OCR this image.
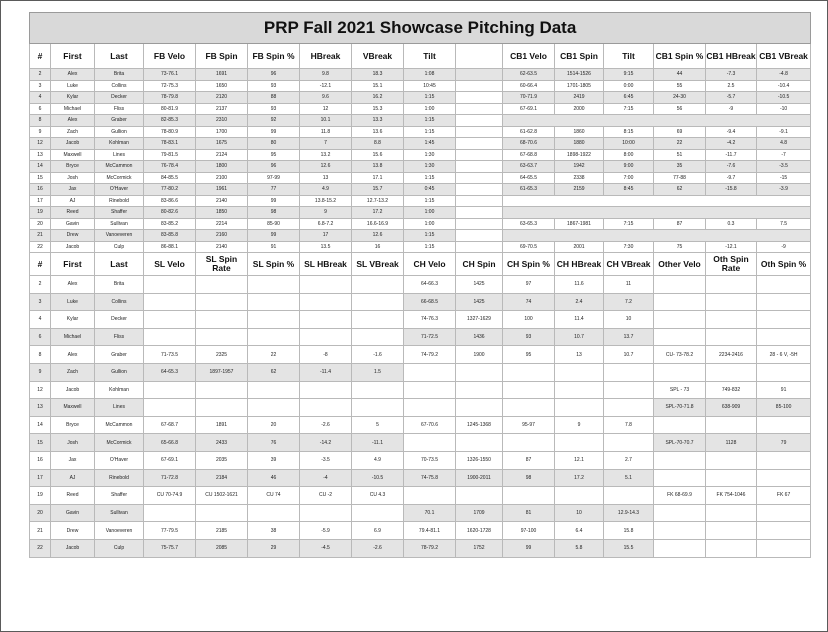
PRP Fall 2021 Showcase Pitching Data															
#	First	Last	FB Velo	FB Spin	FB Spin %	HBreak	VBreak	Tilt		CB1 Velo	CB1 Spin	Tilt	CB1 Spin %	CB1 HBreak	CB1 VBreak
2	Alex	Brita	73-76.1	1691	96	9.8	18.3	1:08		62-63.5	1514-1526	9:15	44	-7.3	-4.8
3	Luke	Collins	72-75.3	1650	93	-12.1	15.1	10:45		60-66.4	1701-1805	0:00	55	2.5	-10.4
4	Kylar	Decker	78-79.8	2120	88	9.6	16.2	1:15		70-71.9	2419	6:45	24-30	-5.7	-10.5
6	Michael	Fliss	80-81.9	2137	93	12	15.3	1:00		67-69.1	2000	7:15	56	-9	-10
8	Alex	Graber	82-85.3	2310	92	10.1	13.3	1:15							
9	Zach	Gullion	78-80.9	1700	99	11.8	13.6	1:15		61-62.8	1860	8:15	69	-9.4	-9.1
12	Jacob	Kohlman	78-83.1	1675	80	7	8.8	1:45		68-70.6	1880	10:00	22	-4.2	4.8
13	Maxwell	Lines	79-81.5	2124	95	13.2	15.6	1:30		67-68.8	1898-1922	8:00	51	-11.7	-7
14	Bryce	McCammon	76-78.4	1800	96	12.6	13.8	1:30		63-63.7	1942	9:00	35	-7.6	-3.5
15	Josh	McCormick	84-85.5	2100	97-99	13	17.1	1:15		64-65.5	2338	7:00	77-88	-9.7	-15
16	Jax	O'Haver	77-80.2	1961	77	4.9	15.7	0:45		61-65.3	2159	8:45	62	-15.8	-3.9
17	AJ	Rinebold	83-86.6	2140	99	13.8-15.2	12.7-13.2	1:15							
19	Reed	Shaffer	80-82.6	1850	98	9	17.2	1:00							
20	Gavin	Sullivan	83-85.2	2214	85-90	6.8-7.2	16.6-16.9	1:00		63-65.3	1867-1981	7:15	87	0.3	7.5
21	Drew	Vanoeveren	83-85.8	2160	99	17	12.6	1:15							
22	Jacob	Culp	86-88.1	2140	91	13.5	16	1:15		69-70.5	2001	7:30	75	-12.1	-9
#	First	Last	SL Velo	SL Spin Rate	SL Spin %	SL HBreak	SL VBreak	CH Velo	CH Spin	CH Spin %	CH HBreak	CH VBreak	Other Velo	Oth Spin Rate	Oth Spin %
2	Alex	Brita						64-66.3	1425	97	11.6	11			
3	Luke	Collins						66-68.5	1425	74	2.4	7.2			
4	Kylar	Decker						74-76.3	1327-1629	100	11.4	10			
6	Michael	Fliss						71-72.5	1436	93	10.7	13.7			
8	Alex	Graber	71-73.5	2325	22	-8	-1.6	74-79.2	1900	95	13	10.7	CU- 73-78.2	2234-2416	28 - 6 V, -5H
9	Zach	Gullion	64-65.3	1897-1957	62	-11.4	1.5								
12	Jacob	Kohlman											SPL - 73	749-832	91
13	Maxwell	Lines											SPL-70-71.8	638-909	85-100
14	Bryce	McCammon	67-68.7	1891	20	-2.6	5	67-70.6	1245-1368	95-97	9	7.8			
15	Josh	McCormick	65-66.8	2433	76	-14.2	-11.1						SPL-70-70.7	1128	79
16	Jax	O'Haver	67-69.1	2035	39	-3.5	4.9	70-73.5	1326-1550	87	12.1	2.7			
17	AJ	Rinebold	71-72.8	2184	46	-4	-10.5	74-75.8	1900-2011	98	17.2	5.1			
19	Reed	Shaffer	CU 70-74.9	CU 1502-1621	CU 74	CU -2	CU 4.3						FK 68-69.9	FK 754-1046	FK 67
20	Gavin	Sullivan						70.1	1709	81	10	12.9-14.3			
21	Drew	Vanoeveren	77-79.5	2185	38	-5.9	6.9	79.4-81.1	1620-1728	97-100	6.4	15.8			
22	Jacob	Culp	75-75.7	2085	29	-4.5	-2.6	78-79.2	1752	99	5.8	15.5			
